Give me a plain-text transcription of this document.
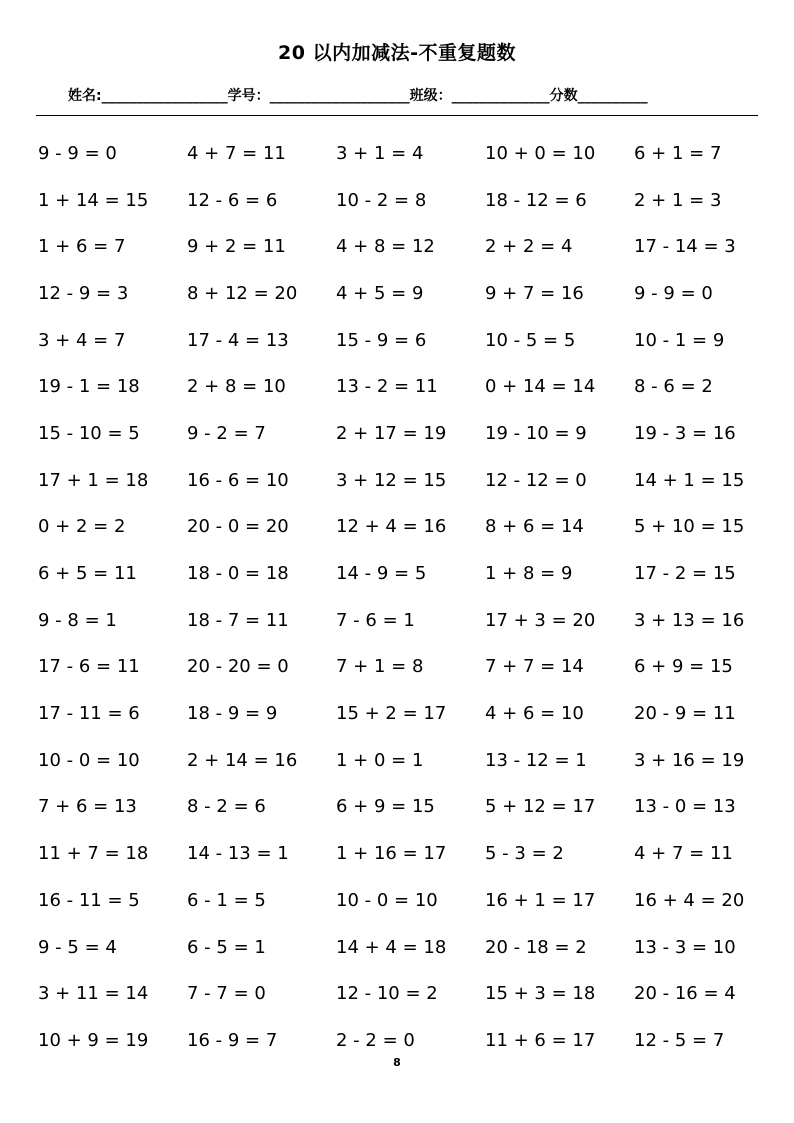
20 以内加减法-不重复题数
姓名:__________________学号：____________________班级：______________分数__________
9 - 9 = 0	4 + 7 = 11	3 + 1 = 4	10 + 0 = 10	6 + 1 = 7
1 + 14 = 15	12 - 6 = 6	10 - 2 = 8	18 - 12 = 6	2 + 1 = 3
1 + 6 = 7	9 + 2 = 11	4 + 8 = 12	2 + 2 = 4	17 - 14 = 3
12 - 9 = 3	8 + 12 = 20	4 + 5 = 9	9 + 7 = 16	9 - 9 = 0
3 + 4 = 7	17 - 4 = 13	15 - 9 = 6	10 - 5 = 5	10 - 1 = 9
19 - 1 = 18	2 + 8 = 10	13 - 2 = 11	0 + 14 = 14	8 - 6 = 2
15 - 10 = 5	9 - 2 = 7	2 + 17 = 19	19 - 10 = 9	19 - 3 = 16
17 + 1 = 18	16 - 6 = 10	3 + 12 = 15	12 - 12 = 0	14 + 1 = 15
0 + 2 = 2	20 - 0 = 20	12 + 4 = 16	8 + 6 = 14	5 + 10 = 15
6 + 5 = 11	18 - 0 = 18	14 - 9 = 5	1 + 8 = 9	17 - 2 = 15
9 - 8 = 1	18 - 7 = 11	7 - 6 = 1	17 + 3 = 20	3 + 13 = 16
17 - 6 = 11	20 - 20 = 0	7 + 1 = 8	7 + 7 = 14	6 + 9 = 15
17 - 11 = 6	18 - 9 = 9	15 + 2 = 17	4 + 6 = 10	20 - 9 = 11
10 - 0 = 10	2 + 14 = 16	1 + 0 = 1	13 - 12 = 1	3 + 16 = 19
7 + 6 = 13	8 - 2 = 6	6 + 9 = 15	5 + 12 = 17	13 - 0 = 13
11 + 7 = 18	14 - 13 = 1	1 + 16 = 17	5 - 3 = 2	4 + 7 = 11
16 - 11 = 5	6 - 1 = 5	10 - 0 = 10	16 + 1 = 17	16 + 4 = 20
9 - 5 = 4	6 - 5 = 1	14 + 4 = 18	20 - 18 = 2	13 - 3 = 10
3 + 11 = 14	7 - 7 = 0	12 - 10 = 2	15 + 3 = 18	20 - 16 = 4
10 + 9 = 19	16 - 9 = 7	2 - 2 = 0	11 + 6 = 17	12 - 5 = 7
8
